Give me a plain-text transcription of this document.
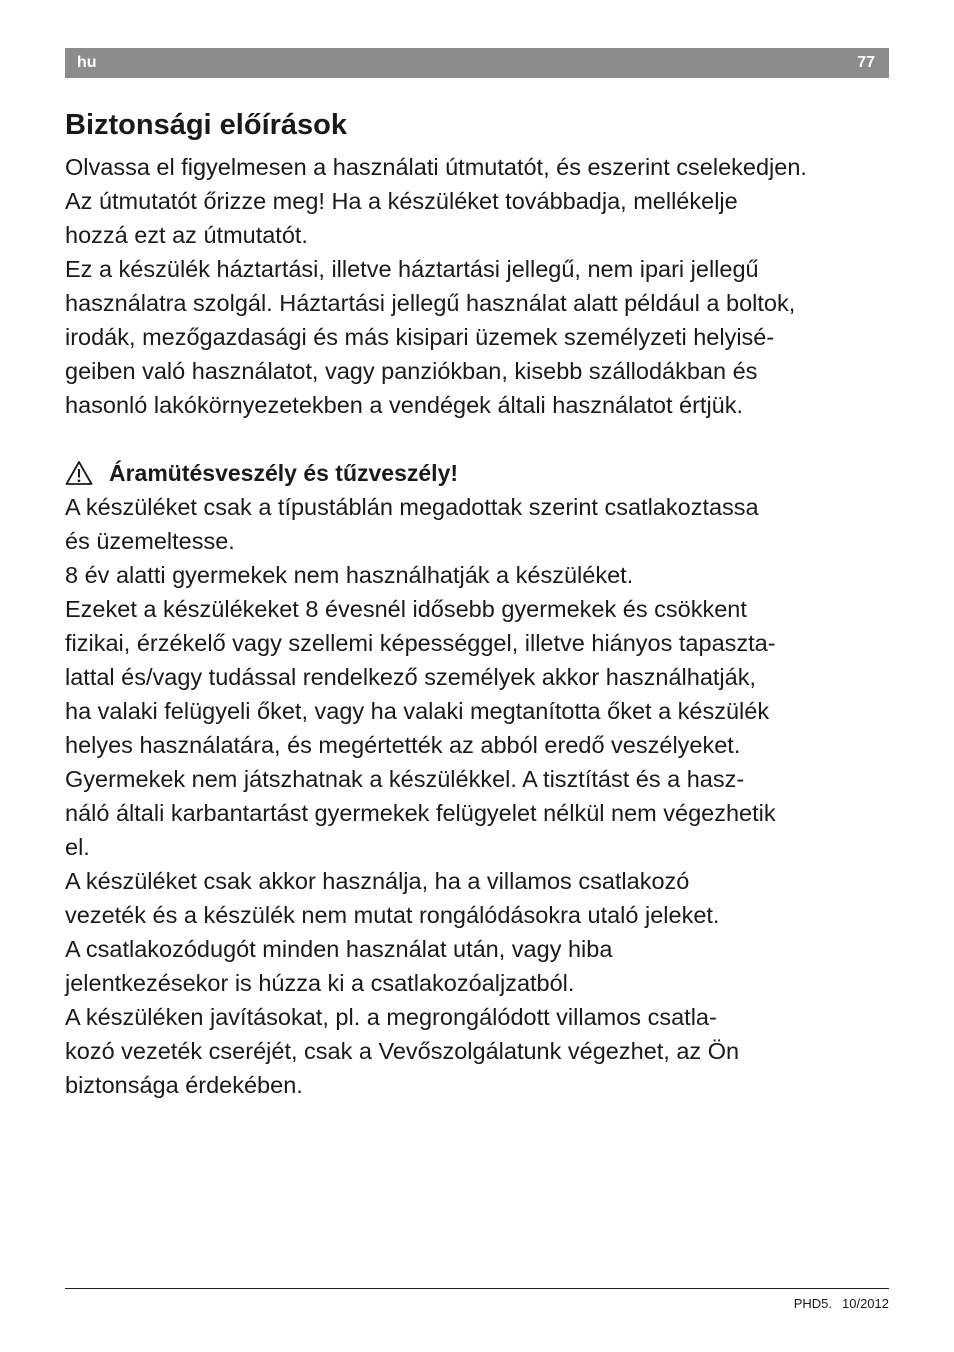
hu	77
Biztonsági előírások

Olvassa el figyelmesen a használati útmutatót, és eszerint cselekedjen.

Az útmutatót őrizze meg! Ha a készüléket továbbadja, mellékelje

hozzá ezt az útmutatót.

Ez a készülék háztartási, illetve háztartási jellegű, nem ipari jellegű

használatra szolgál. Háztartási jellegű használat alatt például a boltok,

irodák, mezőgazdasági és más kisipari üzemek személyzeti helyisé-

geiben való használatot, vagy panziókban, kisebb szállodákban és

hasonló lakókörnyezetekben a vendégek általi használatot értjük.

Áramütésveszély és tűzveszély!

A készüléket csak a típustáblán megadottak szerint csatlakoztassa

és üzemeltesse.

8 év alatti gyermekek nem használhatják a készüléket.

Ezeket a készülékeket 8 évesnél idősebb gyermekek és csökkent

fizikai, érzékelő vagy szellemi képességgel, illetve hiányos tapaszta-

lattal és/vagy tudással rendelkező személyek akkor használhatják,

ha valaki felügyeli őket, vagy ha valaki megtanította őket a készülék

helyes használatára, és megértették az abból eredő veszélyeket.

Gyermekek nem játszhatnak a készülékkel. A tisztítást és a hasz-

náló általi karbantartást gyermekek felügyelet nélkül nem végezhetik

el.

A készüléket csak akkor használja, ha a villamos csatlakozó

vezeték és a készülék nem mutat rongálódásokra utaló jeleket.

A csatlakozódugót minden használat után, vagy hiba

jelentkezésekor is húzza ki a csatlakozóaljzatból.

A készüléken javításokat, pl. a megrongálódott villamos csatla-

kozó vezeték cseréjét, csak a Vevőszolgálatunk végezhet, az Ön

biztonsága érdekében.

PHD5. 10/2012
